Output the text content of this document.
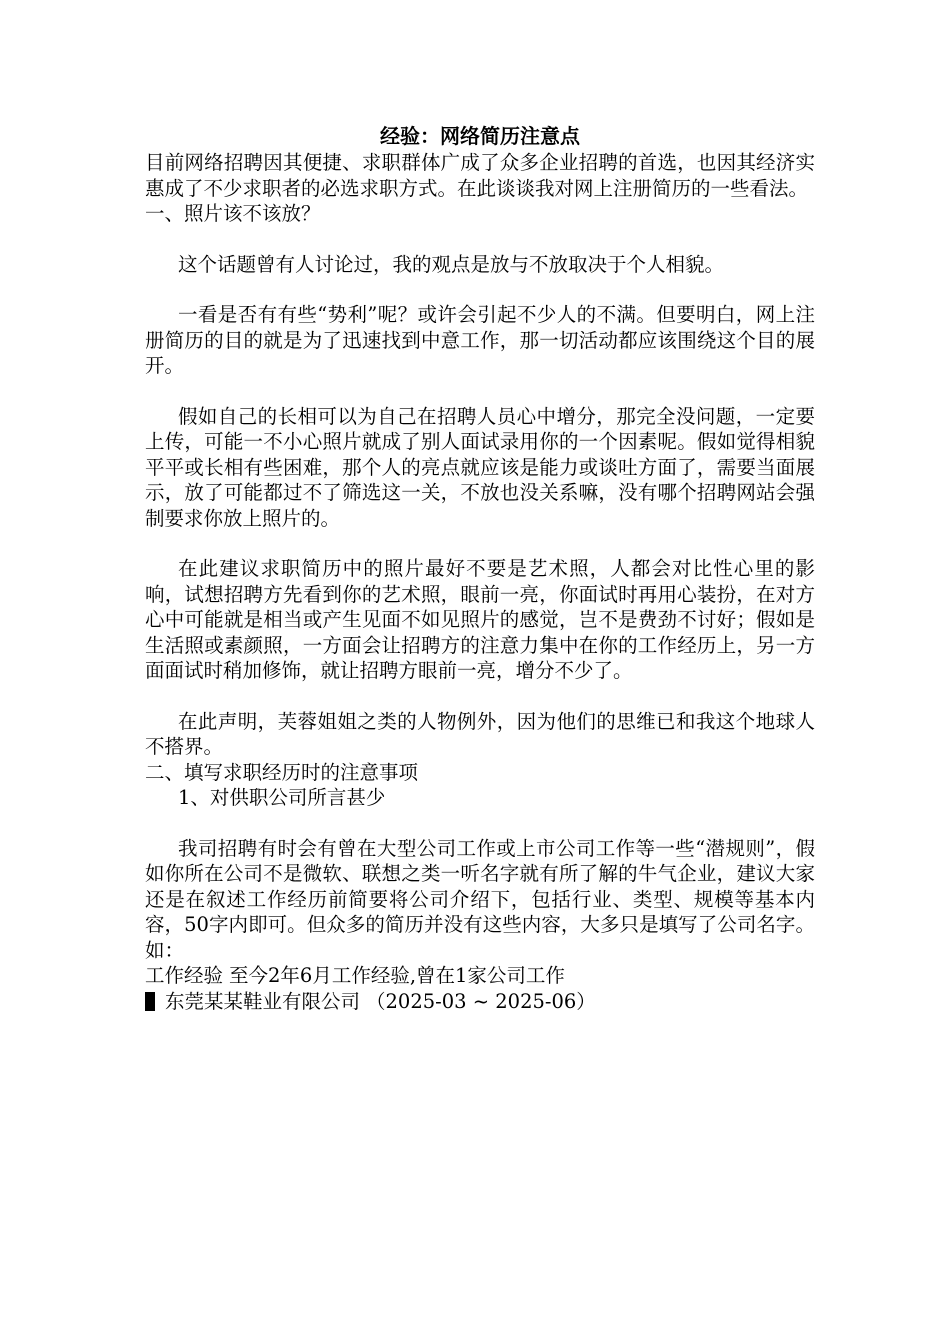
经验：网络简历注意点

目前网络招聘因其便捷、求职群体广成了众多企业招聘的首选，也因其经济实惠成了不少求职者的必选求职方式。在此谈谈我对网上注册简历的一些看法。

一、照片该不该放？

这个话题曾有人讨论过，我的观点是放与不放取决于个人相貌。

一看是否有有些“势利”呢？或许会引起不少人的不满。但要明白，网上注册简历的目的就是为了迅速找到中意工作，那一切活动都应该围绕这个目的展开。

假如自己的长相可以为自己在招聘人员心中增分，那完全没问题，一定要上传，可能一不小心照片就成了别人面试录用你的一个因素呢。假如觉得相貌平平或长相有些困难，那个人的亮点就应该是能力或谈吐方面了，需要当面展示，放了可能都过不了筛选这一关，不放也没关系嘛，没有哪个招聘网站会强制要求你放上照片的。

在此建议求职简历中的照片最好不要是艺术照，人都会对比性心里的影响，试想招聘方先看到你的艺术照，眼前一亮，你面试时再用心装扮，在对方心中可能就是相当或产生见面不如见照片的感觉，岂不是费劲不讨好；假如是生活照或素颜照，一方面会让招聘方的注意力集中在你的工作经历上，另一方面面试时稍加修饰，就让招聘方眼前一亮，增分不少了。

在此声明，芙蓉姐姐之类的人物例外，因为他们的思维已和我这个地球人不搭界。

二、填写求职经历时的注意事项

1、对供职公司所言甚少

我司招聘有时会有曾在大型公司工作或上市公司工作等一些“潜规则”，假如你所在公司不是微软、联想之类一听名字就有所了解的牛气企业，建议大家还是在叙述工作经历前简要将公司介绍下，包括行业、类型、规模等基本内容，50字内即可。但众多的简历并没有这些内容，大多只是填写了公司名字。如：

工作经验 至今2年6月工作经验,曾在1家公司工作

东莞某某鞋业有限公司 （2025-03 ~ 2025-06）
